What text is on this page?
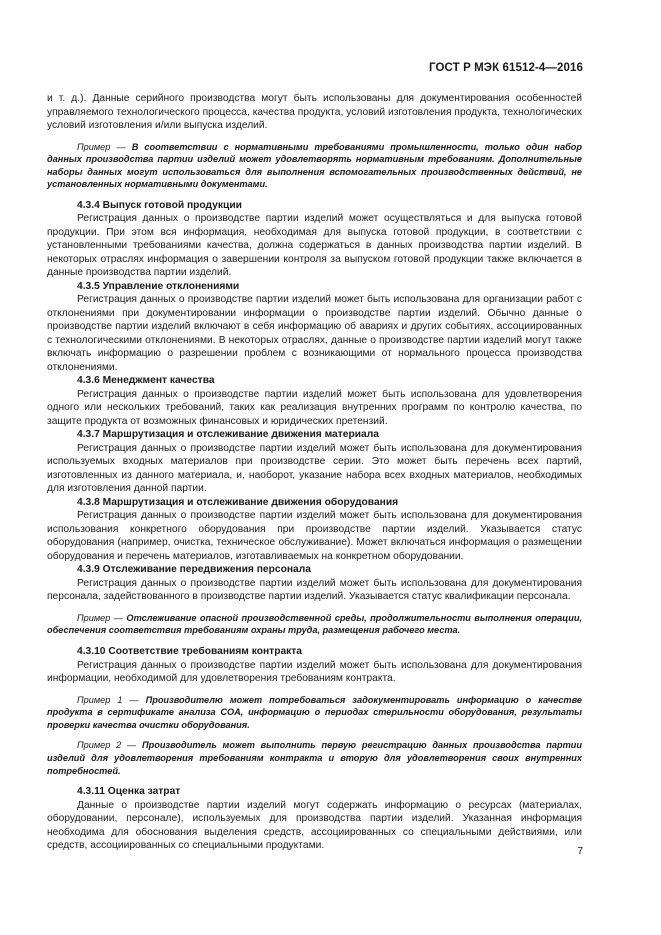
ГОСТ Р МЭК 61512-4—2016

и т. д.). Данные серийного производства могут быть использованы для документирования особенностей управляемого технологического процесса, качества продукта, условий изготовления продукта, технологических условий изготовления и/или выпуска изделий.

Пример — В соответствии с нормативными требованиями промышленности, только один набор данных производства партии изделий может удовлетворять нормативным требованиям. Дополнительные наборы данных могут использоваться для выполнения вспомогательных производственных действий, не установленных нормативными документами.

4.3.4 Выпуск готовой продукции

Регистрация данных о производстве партии изделий может осуществляться и для выпуска готовой продукции. При этом вся информация, необходимая для выпуска готовой продукции, в соответствии с установленными требованиями качества, должна содержаться в данных производства партии изделий. В некоторых отраслях информация о завершении контроля за выпуском готовой продукции также включается в данные производства партии изделий.

4.3.5 Управление отклонениями

Регистрация данных о производстве партии изделий может быть использована для организации работ с отклонениями при документировании информации о производстве партии изделий. Обычно данные о производстве партии изделий включают в себя информацию об авариях и других событиях, ассоциированных с технологическими отклонениями. В некоторых отраслях, данные о производстве партии изделий могут также включать информацию о разрешении проблем с возникающими от нормального процесса производства отклонениями.

4.3.6 Менеджмент качества

Регистрация данных о производстве партии изделий может быть использована для удовлетворения одного или нескольких требований, таких как реализация внутренних программ по контролю качества, по защите продукта от возможных финансовых и юридических претензий.

4.3.7 Маршрутизация и отслеживание движения материала

Регистрация данных о производстве партии изделий может быть использована для документирования используемых входных материалов при производстве серии. Это может быть перечень всех партий, изготовленных из данного материала, и, наоборот, указание набора всех входных материалов, необходимых для изготовления данной партии.

4.3.8 Маршрутизация и отслеживание движения оборудования

Регистрация данных о производстве партии изделий может быть использована для документирования использования конкретного оборудования при производстве партии изделий. Указывается статус оборудования (например, очистка, техническое обслуживание). Может включаться информация о размещении оборудования и перечень материалов, изготавливаемых на конкретном оборудовании.

4.3.9 Отслеживание передвижения персонала

Регистрация данных о производстве партии изделий может быть использована для документирования персонала, задействованного в производстве партии изделий. Указывается статус квалификации персонала.

Пример — Отслеживание опасной производственной среды, продолжительности выполнения операции, обеспечения соответствия требованиям охраны труда, размещения рабочего места.

4.3.10 Соответствие требованиям контракта

Регистрация данных о производстве партии изделий может быть использована для документирования информации, необходимой для удовлетворения требованиям контракта.

Пример 1 — Производителю может потребоваться задокументировать информацию о качестве продукта в сертификате анализа COA, информацию о периодах стерильности оборудования, результаты проверки качества очистки оборудования.

Пример 2 — Производитель может выполнить первую регистрацию данных производства партии изделий для удовлетворения требованиям контракта и вторую для удовлетворения своих внутренних потребностей.

4.3.11 Оценка затрат

Данные о производстве партии изделий могут содержать информацию о ресурсах (материалах, оборудовании, персонале), используемых для производства партии изделий. Указанная информация необходима для обоснования выделения средств, ассоциированных со специальными действиями, или средств, ассоциированных со специальными продуктами.

7
